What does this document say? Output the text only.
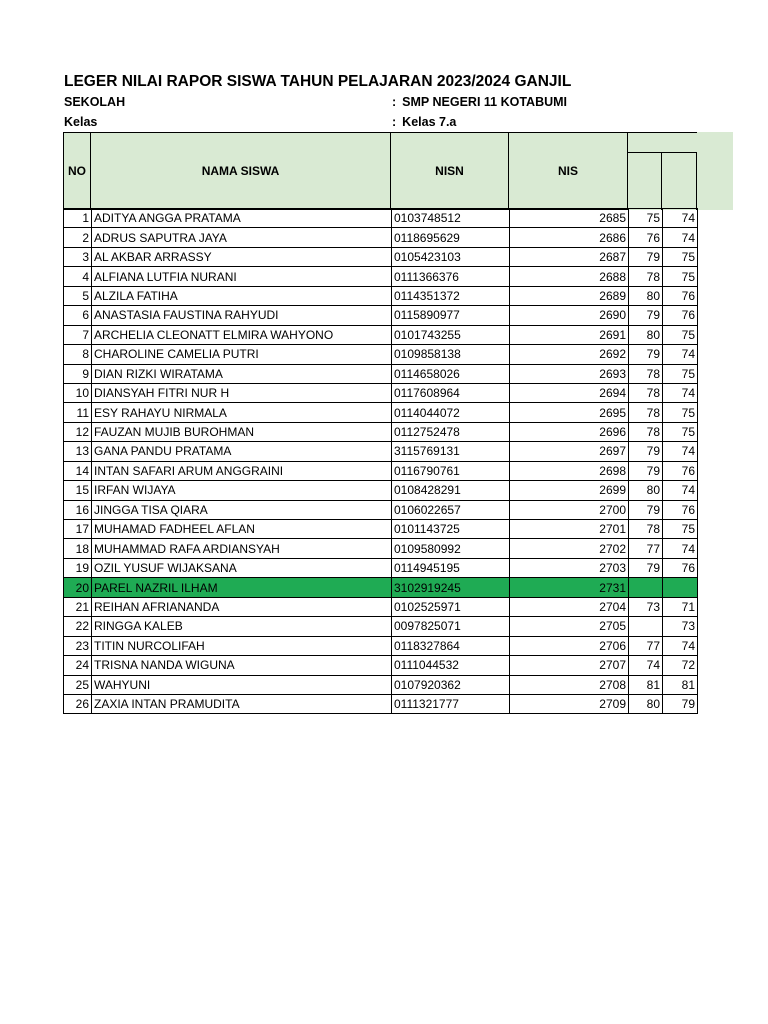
LEGER NILAI RAPOR SISWA TAHUN PELAJARAN 2023/2024 GANJIL
SEKOLAH	: SMP NEGERI 11 KOTABUMI
Kelas	: Kelas 7.a
NO	NAMA SISWA	NISN	NIS
1	ADITYA ANGGA PRATAMA	0103748512	2685	75	74
2	ADRUS SAPUTRA JAYA	0118695629	2686	76	74
3	AL AKBAR ARRASSY	0105423103	2687	79	75
4	ALFIANA LUTFIA NURANI	0111366376	2688	78	75
5	ALZILA FATIHA	0114351372	2689	80	76
6	ANASTASIA FAUSTINA RAHYUDI	0115890977	2690	79	76
7	ARCHELIA CLEONATT ELMIRA WAHYONO	0101743255	2691	80	75
8	CHAROLINE CAMELIA PUTRI	0109858138	2692	79	74
9	DIAN RIZKI WIRATAMA	0114658026	2693	78	75
10	DIANSYAH FITRI NUR H	0117608964	2694	78	74
11	ESY RAHAYU NIRMALA	0114044072	2695	78	75
12	FAUZAN MUJIB BUROHMAN	0112752478	2696	78	75
13	GANA PANDU PRATAMA	3115769131	2697	79	74
14	INTAN SAFARI ARUM ANGGRAINI	0116790761	2698	79	76
15	IRFAN WIJAYA	0108428291	2699	80	74
16	JINGGA TISA QIARA	0106022657	2700	79	76
17	MUHAMAD FADHEEL AFLAN	0101143725	2701	78	75
18	MUHAMMAD RAFA ARDIANSYAH	0109580992	2702	77	74
19	OZIL YUSUF WIJAKSANA	0114945195	2703	79	76
20	PAREL NAZRIL ILHAM	3102919245	2731		
21	REIHAN AFRIANANDA	0102525971	2704	73	71
22	RINGGA KALEB	0097825071	2705		73
23	TITIN NURCOLIFAH	0118327864	2706	77	74
24	TRISNA NANDA WIGUNA	0111044532	2707	74	72
25	WAHYUNI	0107920362	2708	81	81
26	ZAXIA INTAN PRAMUDITA	0111321777	2709	80	79
